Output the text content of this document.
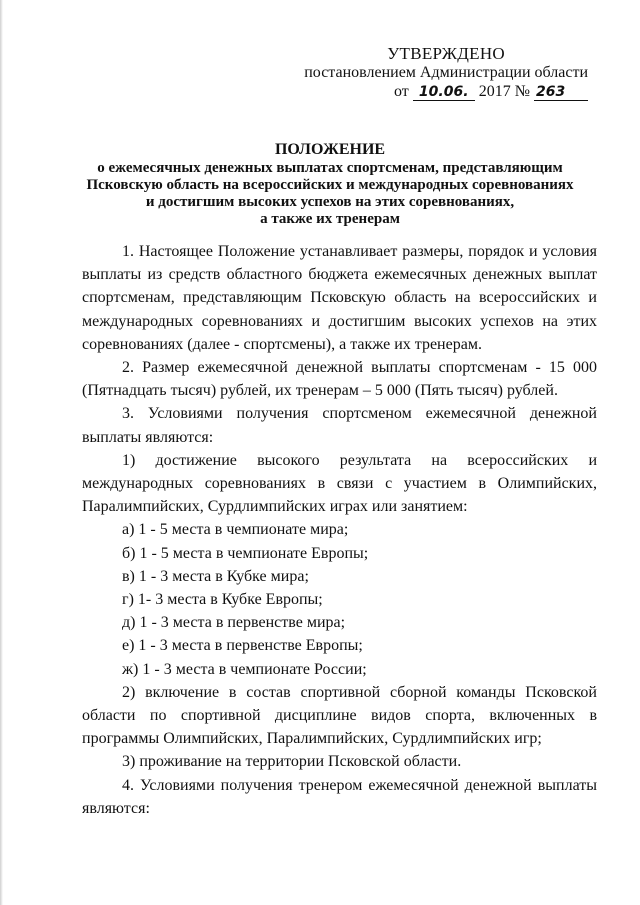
УТВЕРЖДЕНО
постановлением Администрации области
от 10.06. 2017 № 263
ПОЛОЖЕНИЕ
о ежемесячных денежных выплатах спортсменам, представляющим
Псковскую область на всероссийских и международных соревнованиях
и достигшим высоких успехов на этих соревнованиях,
а также их тренерам

1. Настоящее Положение устанавливает размеры, порядок и условия выплаты из средств областного бюджета ежемесячных денежных выплат спортсменам, представляющим Псковскую область на всероссийских и международных соревнованиях и достигшим высоких успехов на этих соревнованиях (далее - спортсмены), а также их тренерам.

2. Размер ежемесячной денежной выплаты спортсменам - 15 000 (Пятнадцать тысяч) рублей, их тренерам – 5 000 (Пять тысяч) рублей.

3. Условиями получения спортсменом ежемесячной денежной выплаты являются:

1) достижение высокого результата на всероссийских и международных соревнованиях в связи с участием в Олимпийских, Паралимпийских, Сурдлимпийских играх или занятием:

а) 1 - 5 места в чемпионате мира;

б) 1 - 5 места в чемпионате Европы;

в) 1 - 3 места в Кубке мира;

г) 1- 3 места в Кубке Европы;

д) 1 - 3 места в первенстве мира;

е) 1 - 3 места в первенстве Европы;

ж) 1 - 3 места в чемпионате России;

2) включение в состав спортивной сборной команды Псковской области по спортивной дисциплине видов спорта, включенных в программы Олимпийских, Паралимпийских, Сурдлимпийских игр;

3) проживание на территории Псковской области.

4. Условиями получения тренером ежемесячной денежной выплаты являются:
